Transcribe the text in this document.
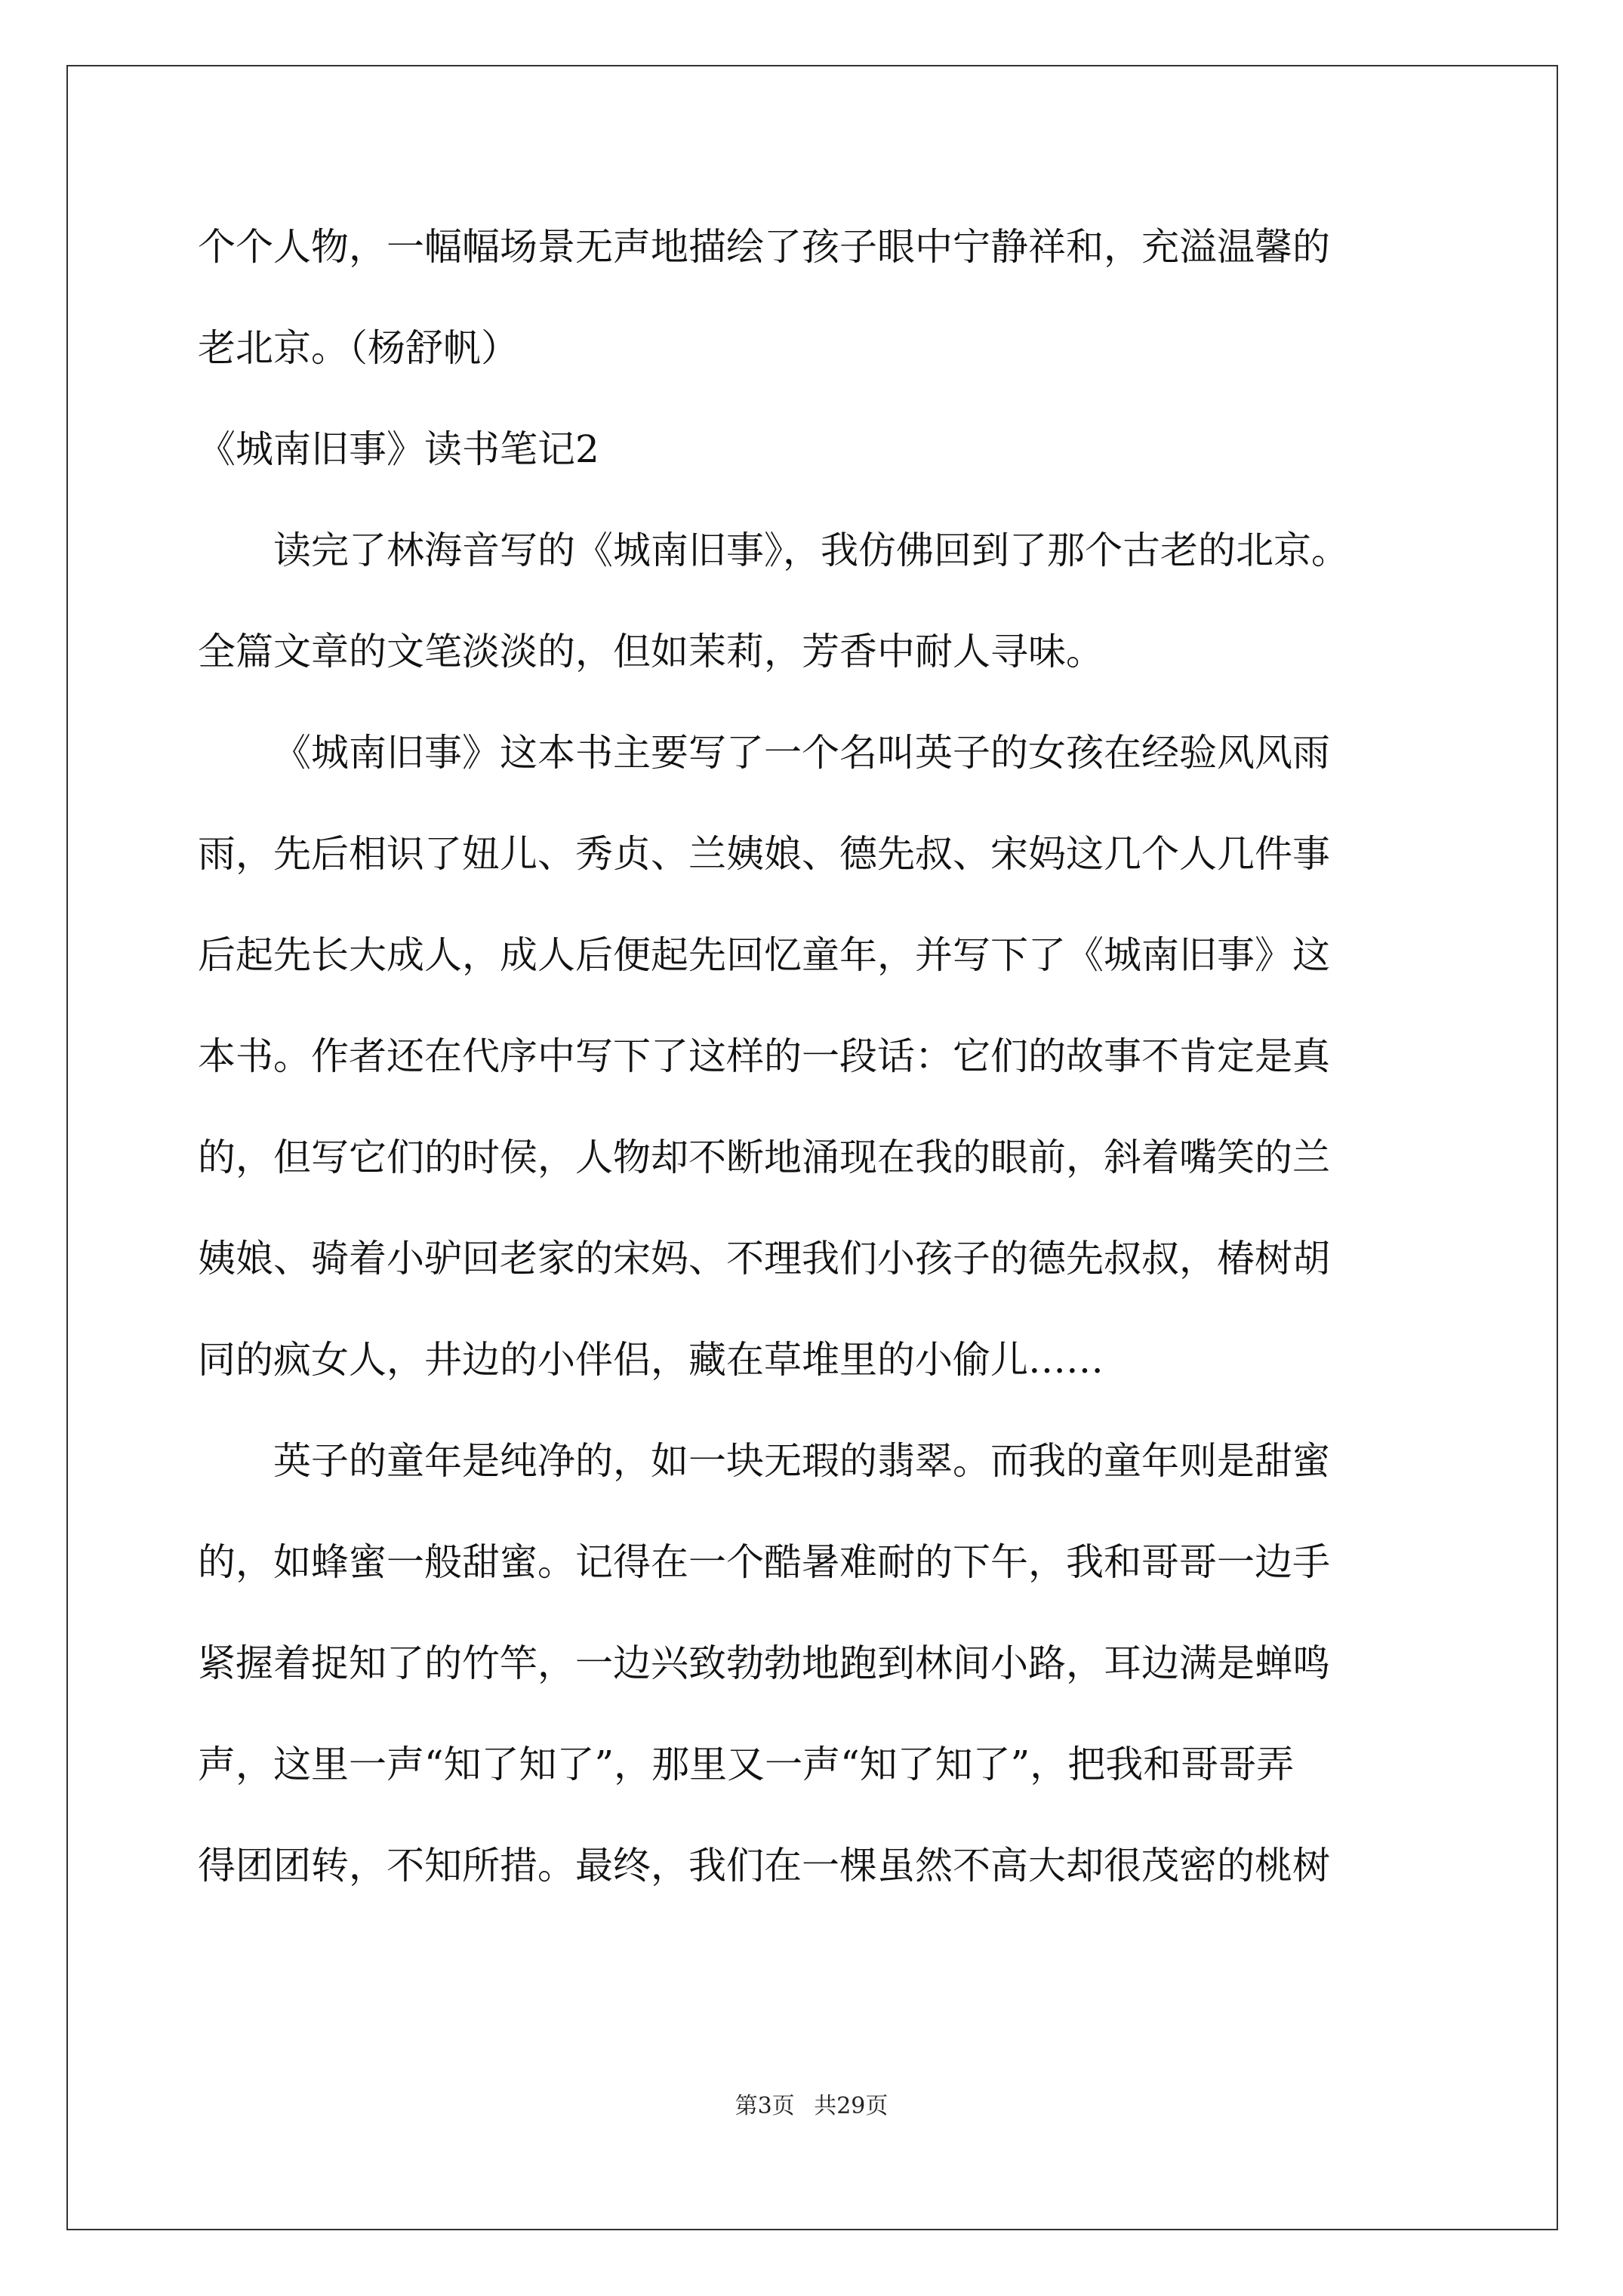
个个人物，一幅幅场景无声地描绘了孩子眼中宁静祥和，充溢温馨的
老北京。（杨舒帆）
《城南旧事》读书笔记2
读完了林海音写的《城南旧事》，我仿佛回到了那个古老的北京。
全篇文章的文笔淡淡的，但如茉莉，芳香中耐人寻味。
《城南旧事》这本书主要写了一个名叫英子的女孩在经验风风雨
雨，先后相识了妞儿、秀贞、兰姨娘、德先叔、宋妈这几个人几件事
后起先长大成人，成人后便起先回忆童年，并写下了《城南旧事》这
本书。作者还在代序中写下了这样的一段话：它们的故事不肯定是真
的，但写它们的时侯，人物却不断地涌现在我的眼前，斜着嘴笑的兰
姨娘、骑着小驴回老家的宋妈、不理我们小孩子的德先叔叔，椿树胡
同的疯女人，井边的小伴侣，藏在草堆里的小偷儿……
英子的童年是纯净的，如一块无瑕的翡翠。而我的童年则是甜蜜
的，如蜂蜜一般甜蜜。记得在一个酷暑难耐的下午，我和哥哥一边手
紧握着捉知了的竹竿，一边兴致勃勃地跑到林间小路，耳边满是蝉鸣
声，这里一声“知了知了”，那里又一声“知了知了”，把我和哥哥弄
得团团转，不知所措。最终，我们在一棵虽然不高大却很茂密的桃树
第3页 共29页
